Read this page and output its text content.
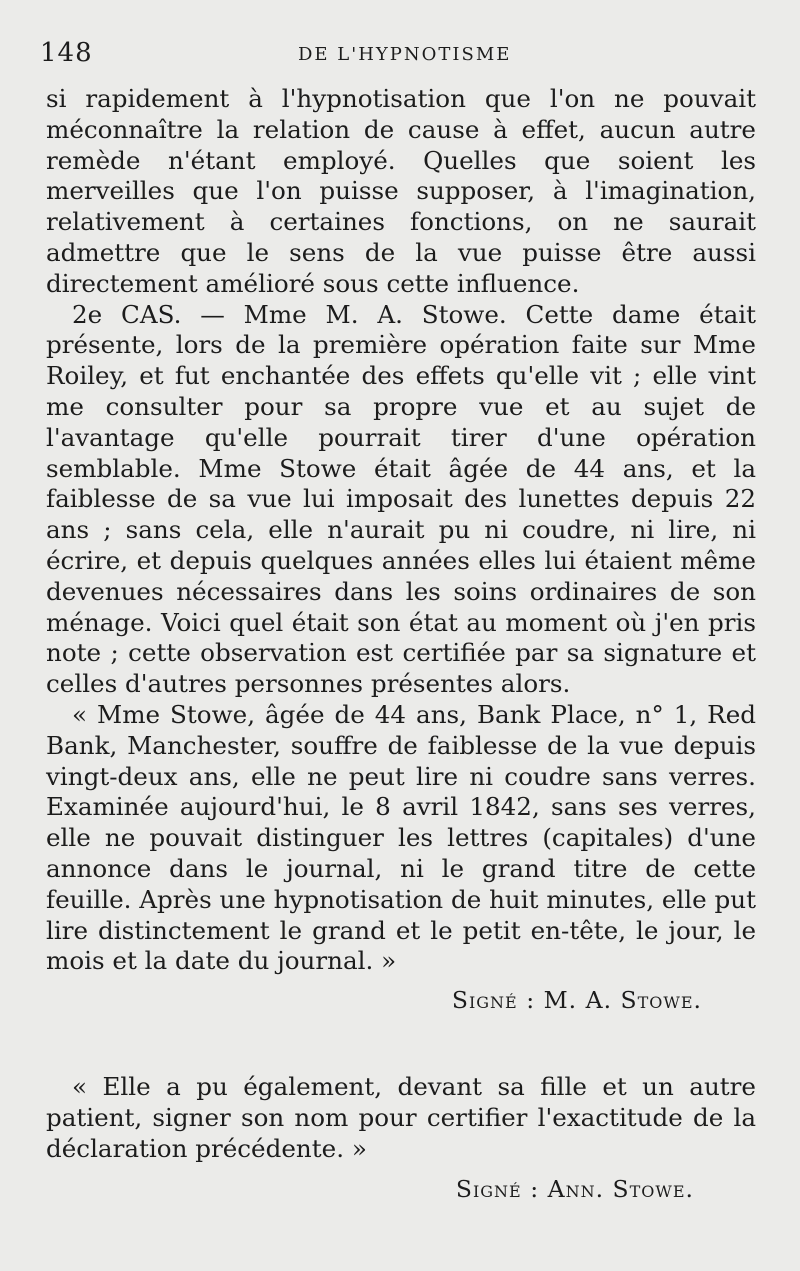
148	DE L'HYPNOTISME

si rapidement à l'hypnotisation que l'on ne pouvait méconnaître la relation de cause à effet, aucun autre remède n'étant employé. Quelles que soient les merveilles que l'on puisse supposer, à l'imagination, relativement à certaines fonctions, on ne saurait admettre que le sens de la vue puisse être aussi directement amélioré sous cette influence.

2e CAS. — Mme M. A. Stowe. Cette dame était présente, lors de la première opération faite sur Mme Roiley, et fut enchantée des effets qu'elle vit ; elle vint me consulter pour sa propre vue et au sujet de l'avantage qu'elle pourrait tirer d'une opération semblable. Mme Stowe était âgée de 44 ans, et la faiblesse de sa vue lui imposait des lunettes depuis 22 ans ; sans cela, elle n'aurait pu ni coudre, ni lire, ni écrire, et depuis quelques années elles lui étaient même devenues nécessaires dans les soins ordinaires de son ménage. Voici quel était son état au moment où j'en pris note ; cette observation est certifiée par sa signature et celles d'autres personnes présentes alors.

« Mme Stowe, âgée de 44 ans, Bank Place, n° 1, Red Bank, Manchester, souffre de faiblesse de la vue depuis vingt-deux ans, elle ne peut lire ni coudre sans verres. Examinée aujourd'hui, le 8 avril 1842, sans ses verres, elle ne pouvait distinguer les lettres (capitales) d'une annonce dans le journal, ni le grand titre de cette feuille. Après une hypnotisation de huit minutes, elle put lire distinctement le grand et le petit en-tête, le jour, le mois et la date du journal. »

Signé : M. A. Stowe.

« Elle a pu également, devant sa fille et un autre patient, signer son nom pour certifier l'exactitude de la déclaration précédente. »

Signé : Ann. Stowe.
